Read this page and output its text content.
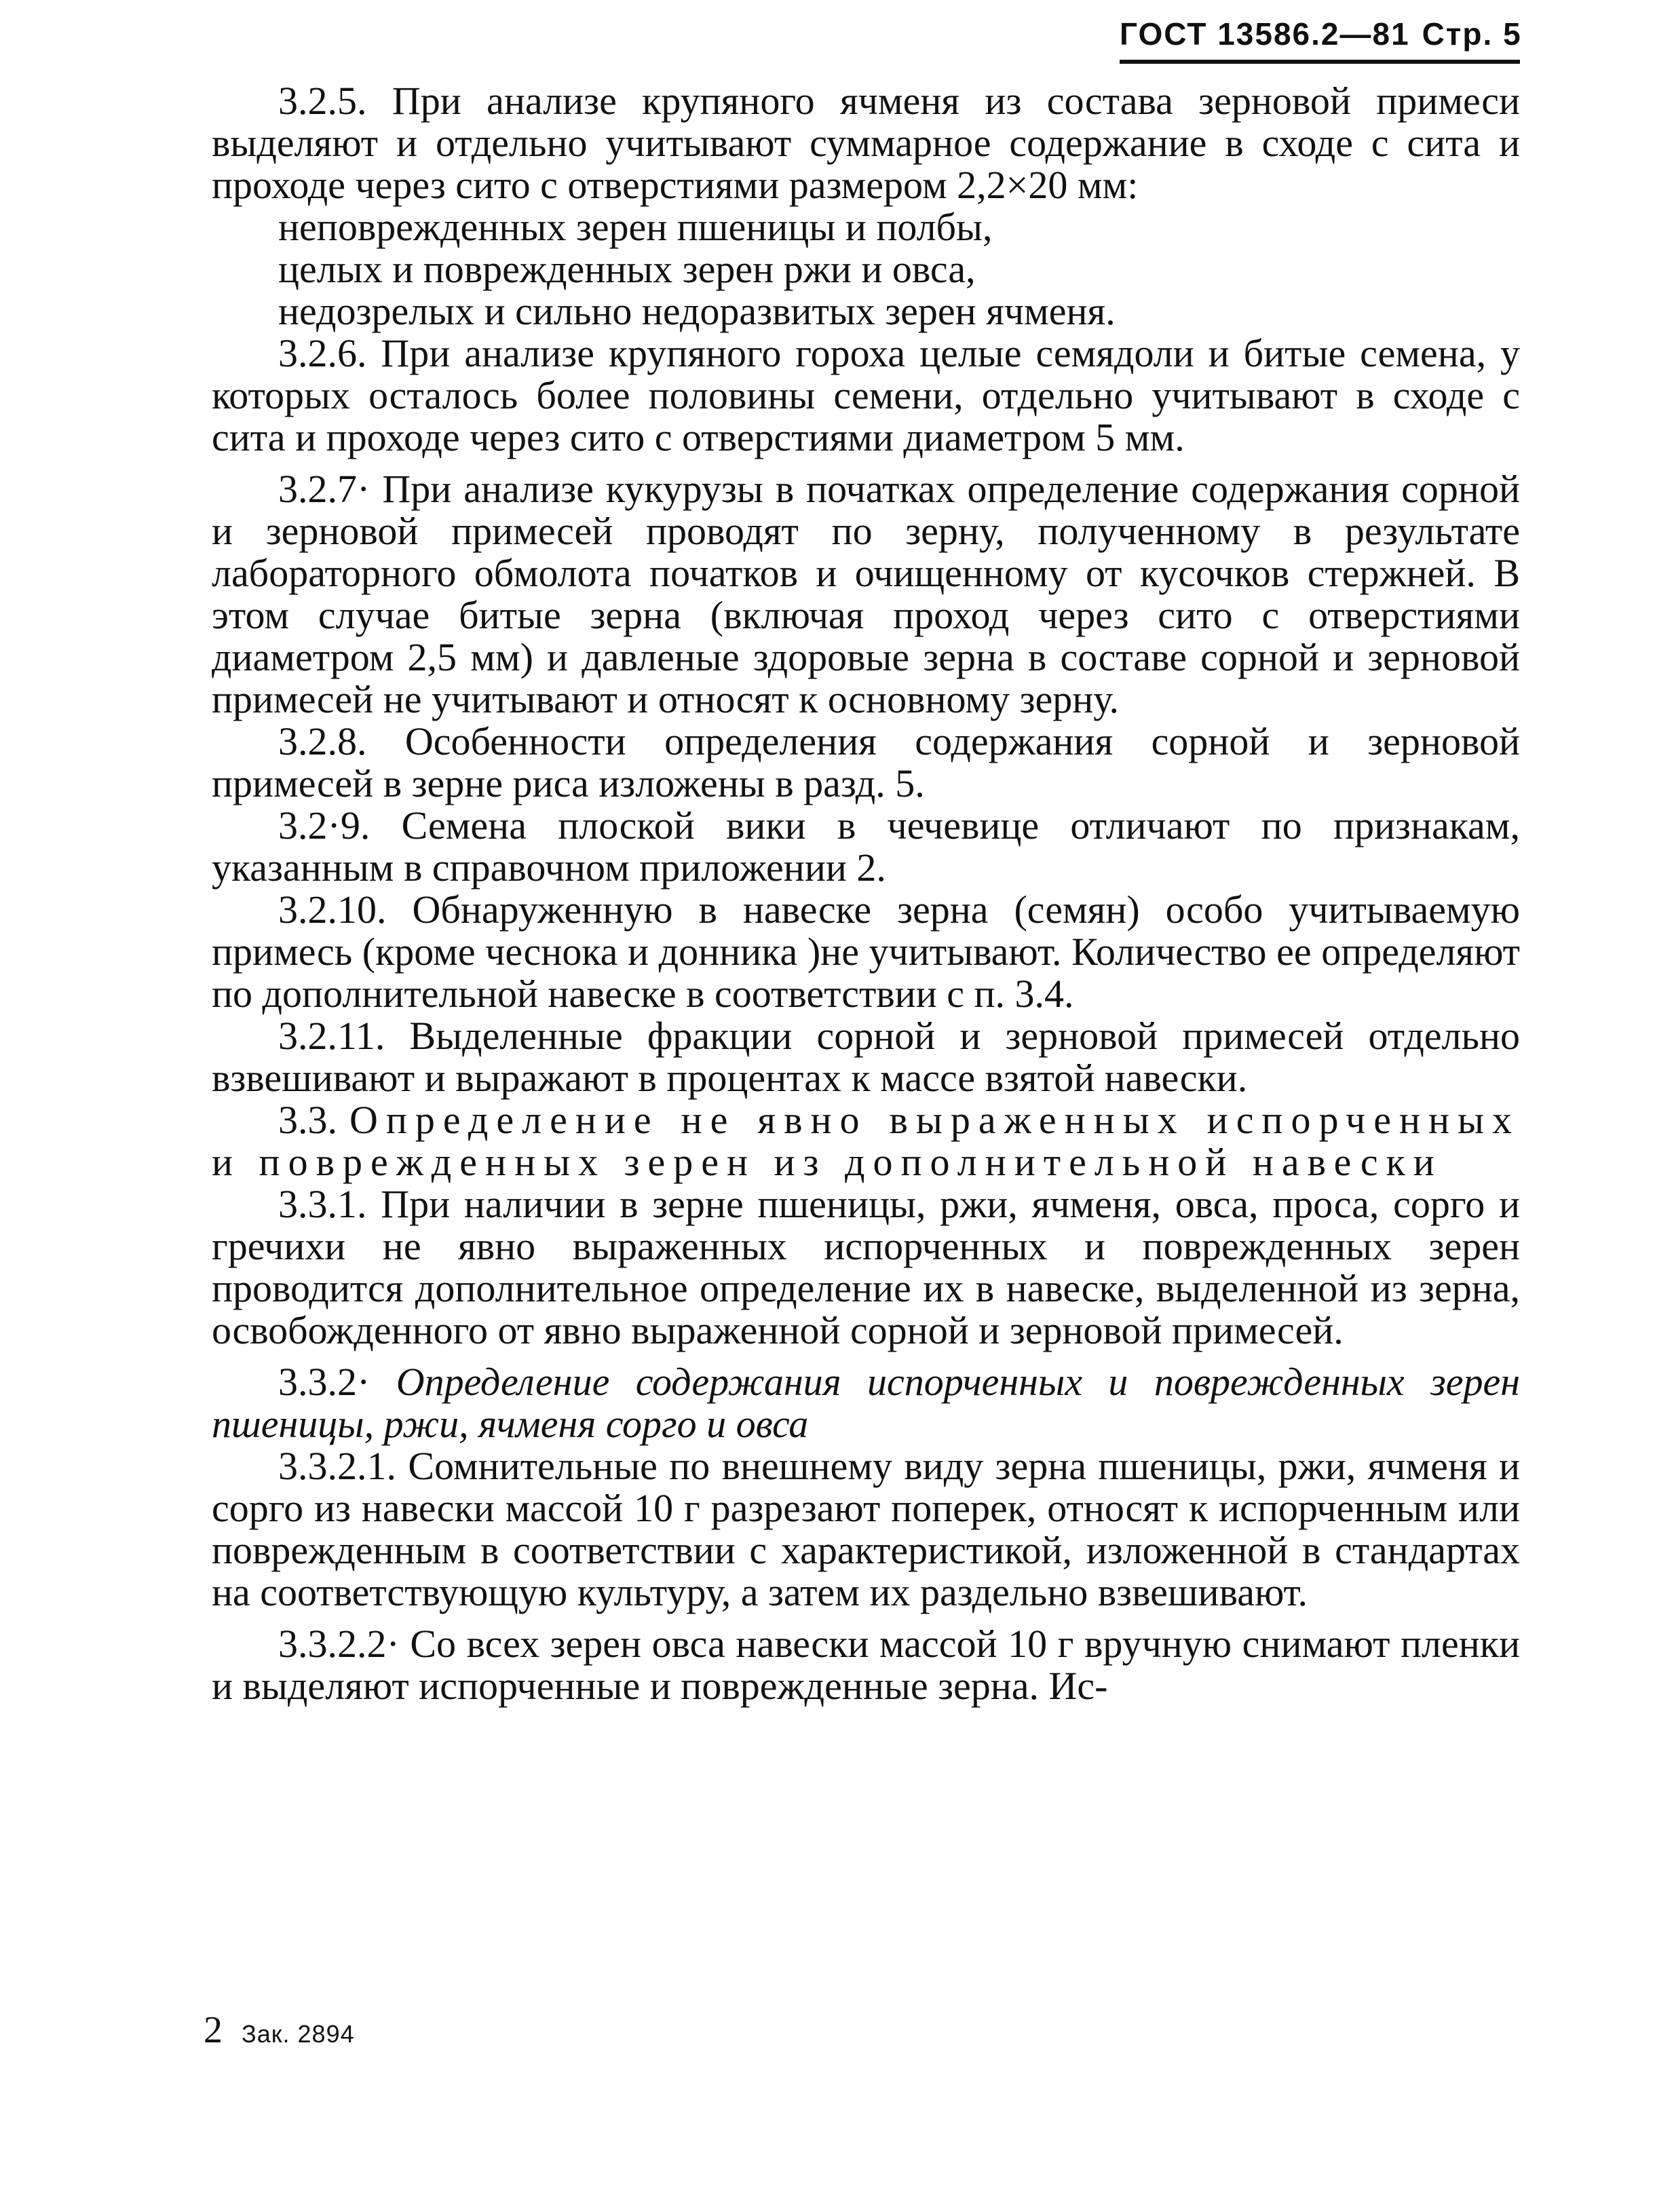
ГОСТ 13586.2—81 Стр. 5

3.2.5. При анализе крупяного ячменя из состава зерновой примеси выделяют и отдельно учитывают суммарное содержание в сходе с сита и проходе через сито с отверстиями размером 2,2×20 мм:

неповрежденных зерен пшеницы и полбы,

целых и поврежденных зерен ржи и овса,

недозрелых и сильно недоразвитых зерен ячменя.

3.2.6. При анализе крупяного гороха целые семядоли и битые семена, у которых осталось более половины семени, отдельно учитывают в сходе с сита и проходе через сито с отверстиями диаметром 5 мм.

3.2.7· При анализе кукурузы в початках определение содержания сорной и зерновой примесей проводят по зерну, полученному в результате лабораторного обмолота початков и очищенному от кусочков стержней. В этом случае битые зерна (включая проход через сито с отверстиями диаметром 2,5 мм) и давленые здоровые зерна в составе сорной и зерновой примесей не учитывают и относят к основному зерну.

3.2.8. Особенности определения содержания сорной и зерновой примесей в зерне риса изложены в разд. 5.

3.2·9. Семена плоской вики в чечевице отличают по признакам, указанным в справочном приложении 2.

3.2.10. Обнаруженную в навеске зерна (семян) особо учитываемую примесь (кроме чеснока и донника )не учитывают. Количество ее определяют по дополнительной навеске в соответствии с п. 3.4.

3.2.11. Выделенные фракции сорной и зерновой примесей отдельно взвешивают и выражают в процентах к массе взятой навески.

3.3. Определение не явно выраженных испорченных и поврежденных зерен из дополнительной навески

3.3.1. При наличии в зерне пшеницы, ржи, ячменя, овса, проса, сорго и гречихи не явно выраженных испорченных и поврежденных зерен проводится дополнительное определение их в навеске, выделенной из зерна, освобожденного от явно выраженной сорной и зерновой примесей.

3.3.2· Определение содержания испорченных и поврежденных зерен пшеницы, ржи, ячменя сорго и овса

3.3.2.1. Сомнительные по внешнему виду зерна пшеницы, ржи, ячменя и сорго из навески массой 10 г разрезают поперек, относят к испорченным или поврежденным в соответствии с характеристикой, изложенной в стандартах на соответствующую культуру, а затем их раздельно взвешивают.

3.3.2.2· Со всех зерен овса навески массой 10 г вручную снимают пленки и выделяют испорченные и поврежденные зерна. Ис-

2 Зак. 2894
